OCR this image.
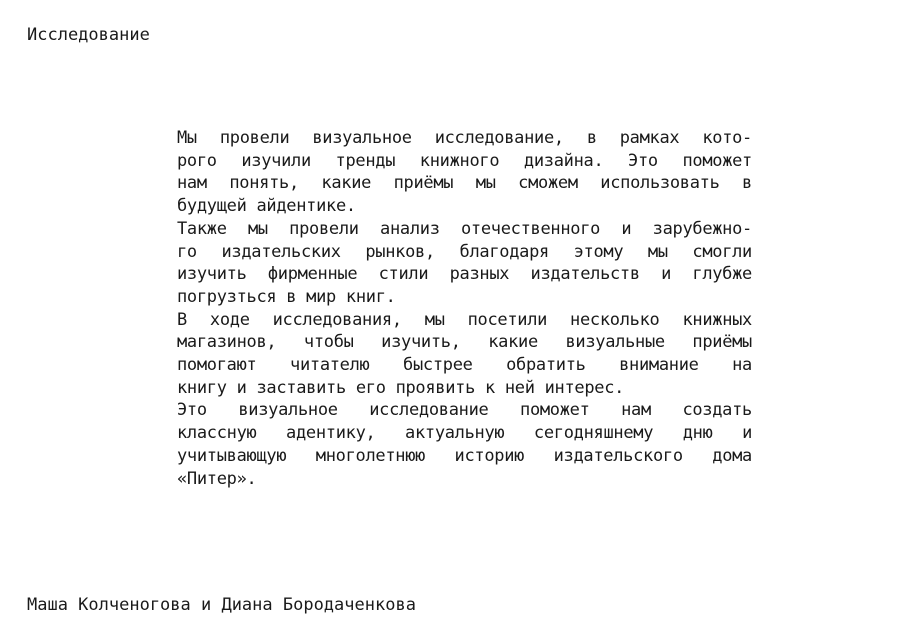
Исследование

Мы провели визуальное исследование, в рамках кото-
рого изучили тренды книжного дизайна. Это поможет
нам понять, какие приёмы мы сможем использовать в
будущей айдентике.

Также мы провели анализ отечественного и зарубежно-
го издательских рынков, благодаря этому мы смогли
изучить фирменные стили разных издательств и глубже
погрузться в мир книг.

В ходе исследования, мы посетили несколько книжных
магазинов, чтобы изучить, какие визуальные приёмы
помогают читателю быстрее обратить внимание на
книгу и заставить его проявить к ней интерес.

Это визуальное исследование поможет нам создать
классную адентику, актуальную сегодняшнему дню и
учитывающую многолетнюю историю издательского дома
«Питер».

Маша Колченогова и Диана Бородаченкова
